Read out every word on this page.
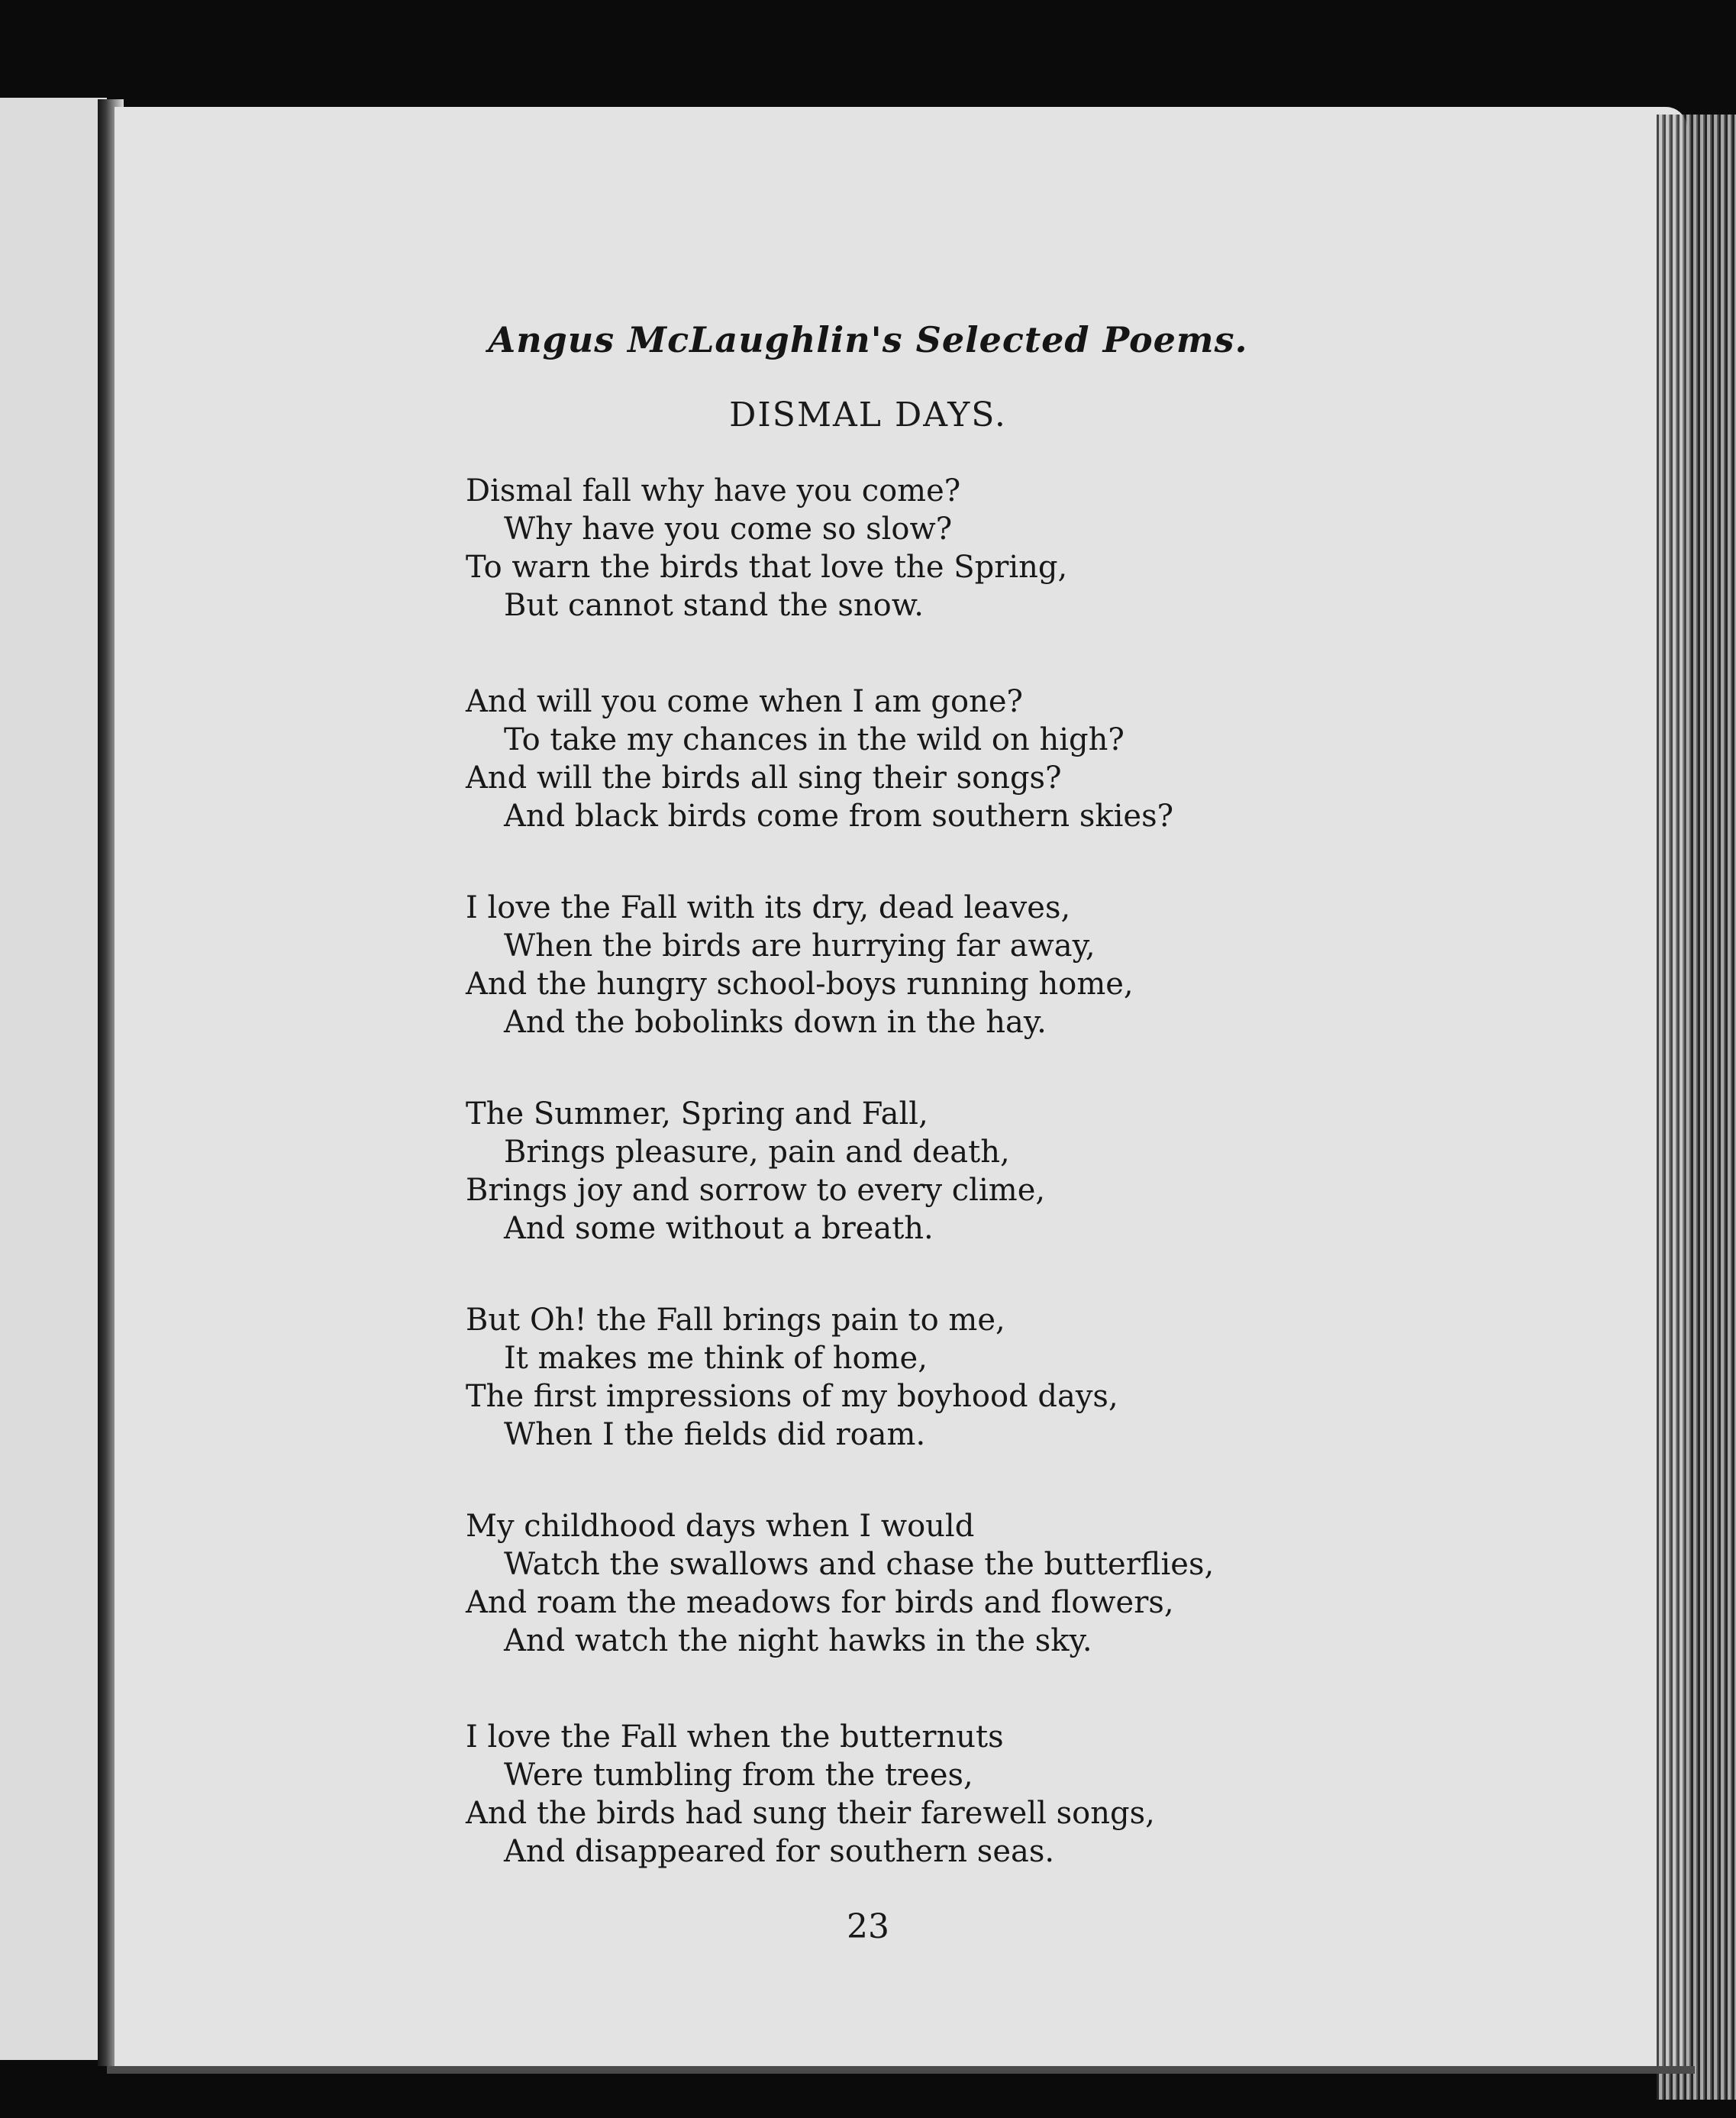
Angus McLaughlin's Selected Poems.
DISMAL DAYS.
Dismal fall why have you come?
Why have you come so slow?
To warn the birds that love the Spring,
But cannot stand the snow.
And will you come when I am gone?
To take my chances in the wild on high?
And will the birds all sing their songs?
And black birds come from southern skies?
I love the Fall with its dry, dead leaves,
When the birds are hurrying far away,
And the hungry school-boys running home,
And the bobolinks down in the hay.
The Summer, Spring and Fall,
Brings pleasure, pain and death,
Brings joy and sorrow to every clime,
And some without a breath.
But Oh! the Fall brings pain to me,
It makes me think of home,
The first impressions of my boyhood days,
When I the fields did roam.
My childhood days when I would
Watch the swallows and chase the butterflies,
And roam the meadows for birds and flowers,
And watch the night hawks in the sky.
I love the Fall when the butternuts
Were tumbling from the trees,
And the birds had sung their farewell songs,
And disappeared for southern seas.
23
